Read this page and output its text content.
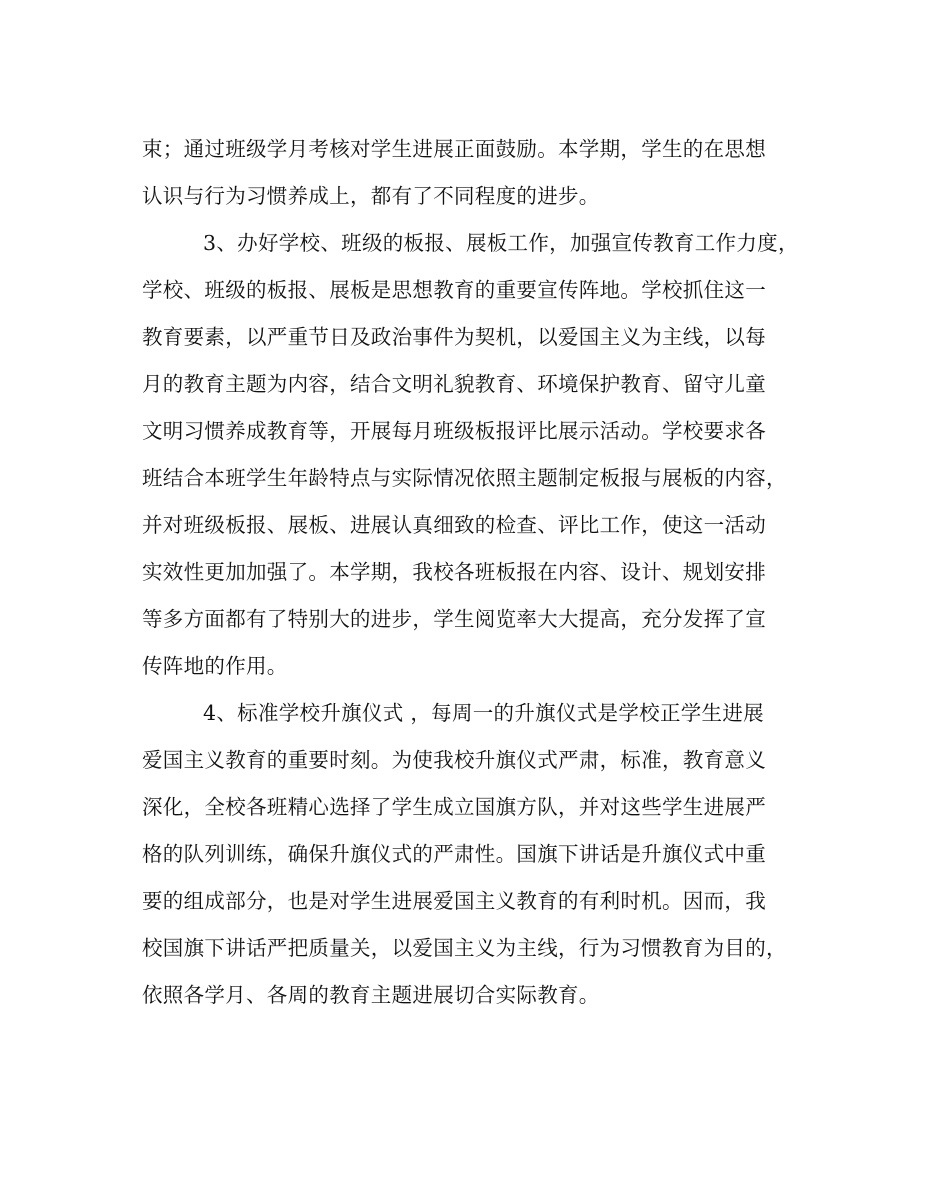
束；通过班级学月考核对学生进展正面鼓励。本学期，学生的在思想
认识与行为习惯养成上，都有了不同程度的进步。
3、办好学校、班级的板报、展板工作，加强宣传教育工作力度，
学校、班级的板报、展板是思想教育的重要宣传阵地。学校抓住这一
教育要素，以严重节日及政治事件为契机，以爱国主义为主线，以每
月的教育主题为内容，结合文明礼貌教育、环境保护教育、留守儿童
文明习惯养成教育等，开展每月班级板报评比展示活动。学校要求各
班结合本班学生年龄特点与实际情况依照主题制定板报与展板的内容，
并对班级板报、展板、进展认真细致的检查、评比工作，使这一活动
实效性更加加强了。本学期，我校各班板报在内容、设计、规划安排
等多方面都有了特别大的进步，学生阅览率大大提高，充分发挥了宣
传阵地的作用。
4、标准学校升旗仪式 ，每周一的升旗仪式是学校正学生进展
爱国主义教育的重要时刻。为使我校升旗仪式严肃，标准，教育意义
深化，全校各班精心选择了学生成立国旗方队，并对这些学生进展严
格的队列训练，确保升旗仪式的严肃性。国旗下讲话是升旗仪式中重
要的组成部分，也是对学生进展爱国主义教育的有利时机。因而，我
校国旗下讲话严把质量关，以爱国主义为主线，行为习惯教育为目的，
依照各学月、各周的教育主题进展切合实际教育。
